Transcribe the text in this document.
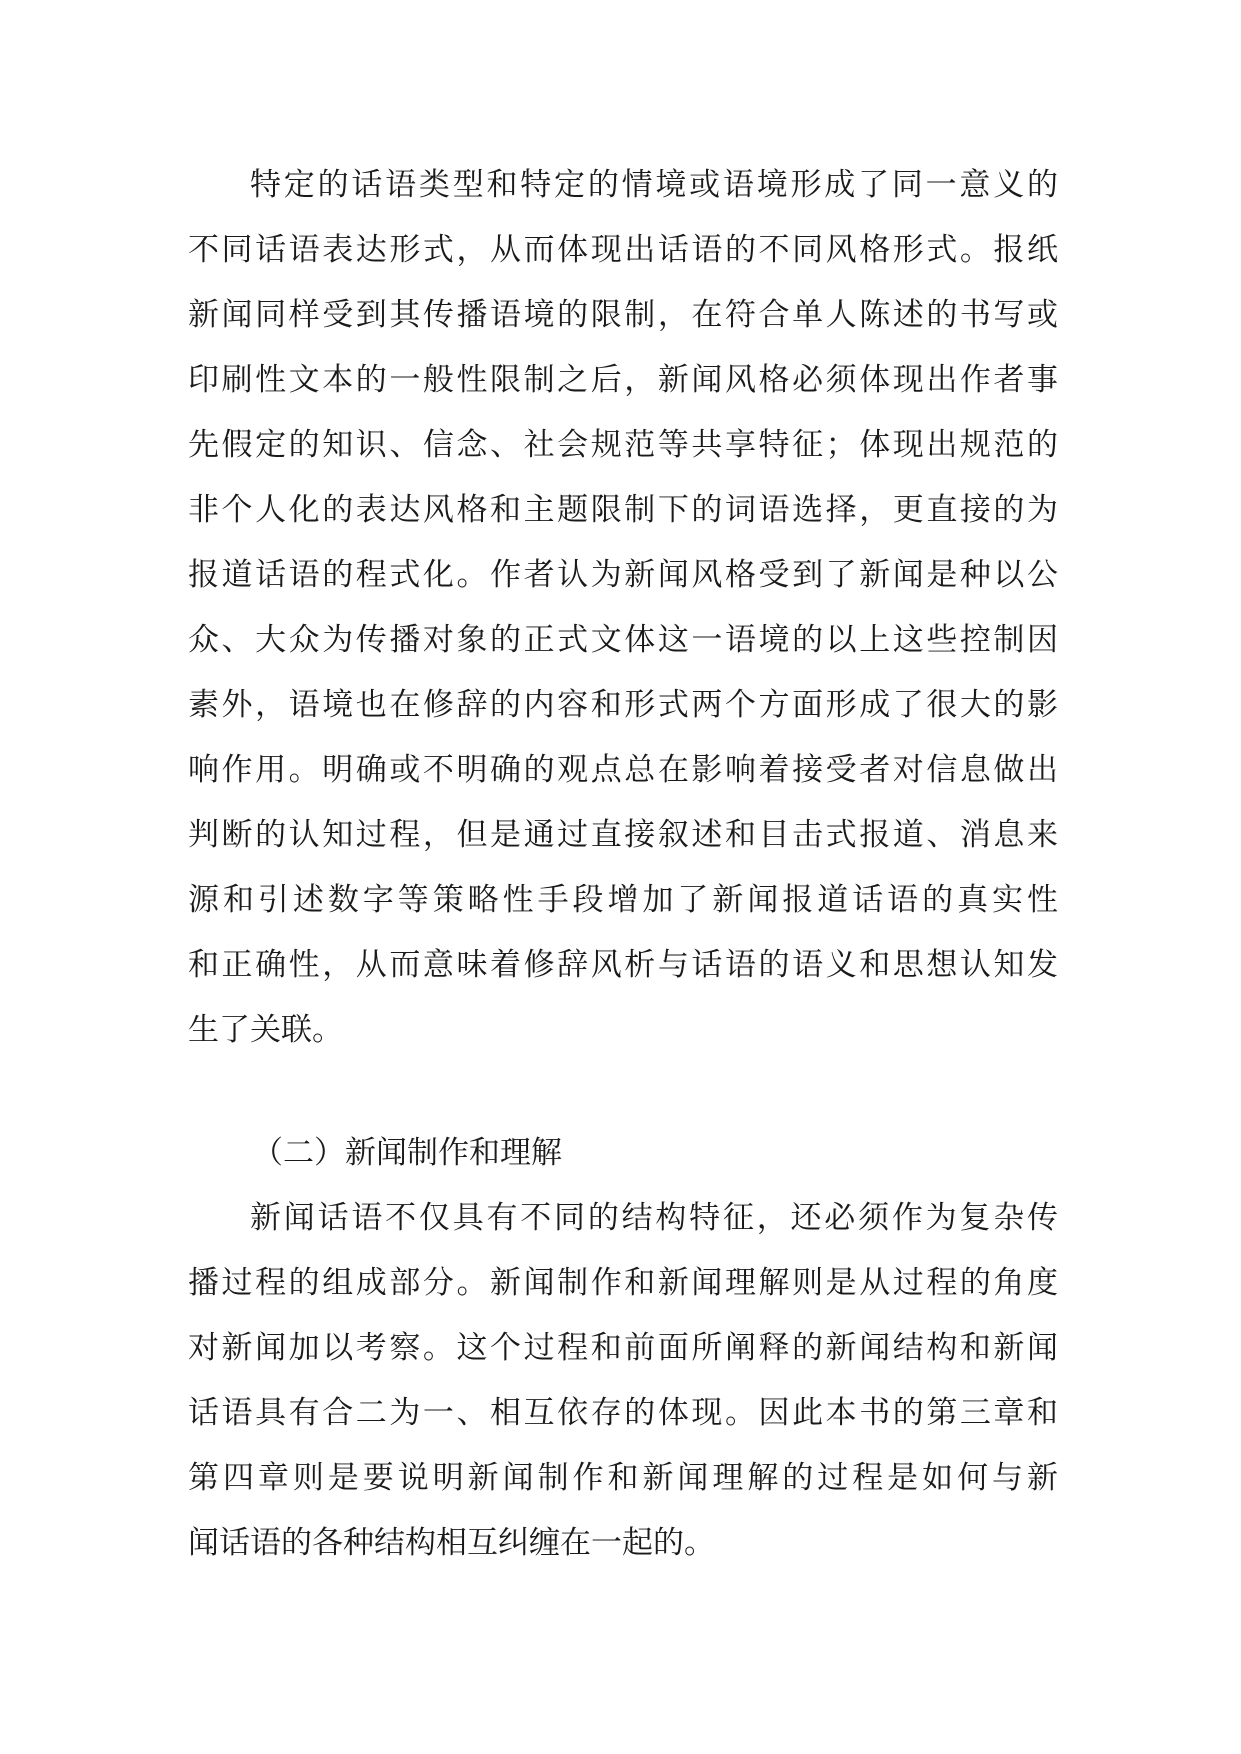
特定的话语类型和特定的情境或语境形成了同一意义的
不同话语表达形式，从而体现出话语的不同风格形式。报纸
新闻同样受到其传播语境的限制，在符合单人陈述的书写或
印刷性文本的一般性限制之后，新闻风格必须体现出作者事
先假定的知识、信念、社会规范等共享特征；体现出规范的
非个人化的表达风格和主题限制下的词语选择，更直接的为
报道话语的程式化。作者认为新闻风格受到了新闻是种以公
众、大众为传播对象的正式文体这一语境的以上这些控制因
素外，语境也在修辞的内容和形式两个方面形成了很大的影
响作用。明确或不明确的观点总在影响着接受者对信息做出
判断的认知过程，但是通过直接叙述和目击式报道、消息来
源和引述数字等策略性手段增加了新闻报道话语的真实性
和正确性，从而意味着修辞风析与话语的语义和思想认知发
生了关联。
（二）新闻制作和理解
新闻话语不仅具有不同的结构特征，还必须作为复杂传
播过程的组成部分。新闻制作和新闻理解则是从过程的角度
对新闻加以考察。这个过程和前面所阐释的新闻结构和新闻
话语具有合二为一、相互依存的体现。因此本书的第三章和
第四章则是要说明新闻制作和新闻理解的过程是如何与新
闻话语的各种结构相互纠缠在一起的。
